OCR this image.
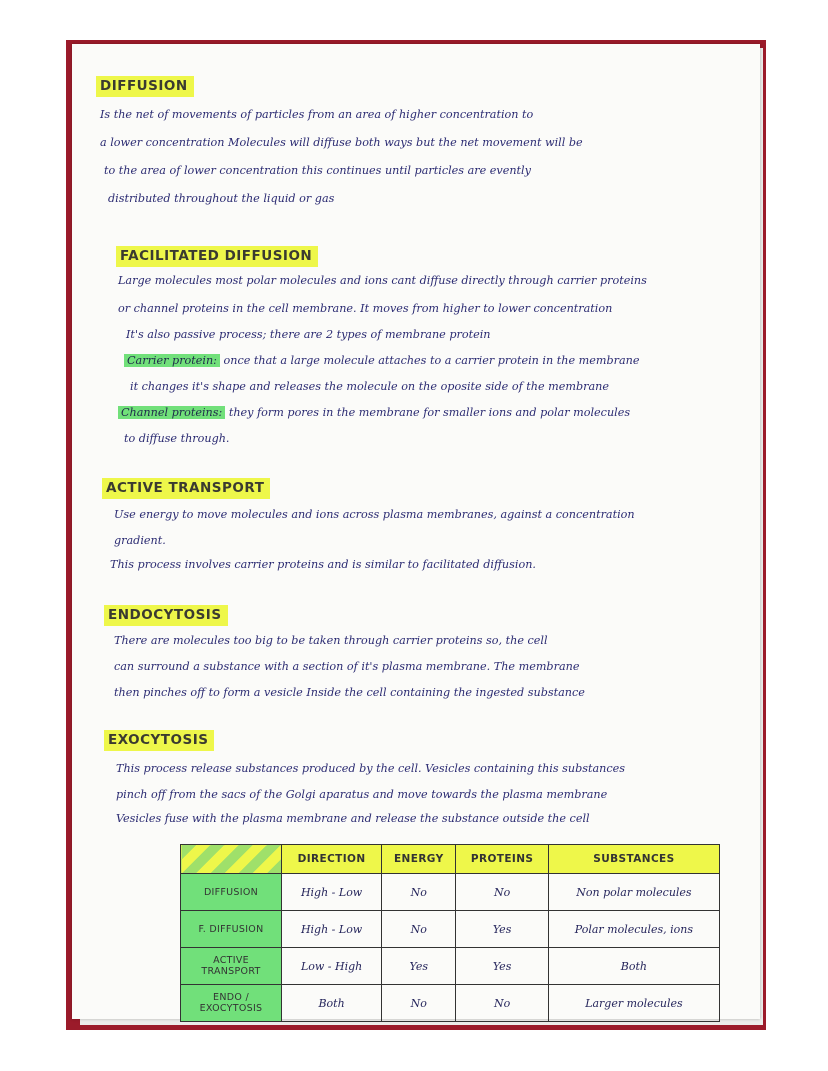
DIFFUSION
Is the net of movements of particles from an area of higher concentration to
a lower concentration Molecules will diffuse both ways but the net movement will be
to the area of lower concentration this continues until particles are evently
distributed throughout the liquid or gas
FACILITATED DIFFUSION
Large molecules most polar molecules and ions cant diffuse directly through carrier proteins
or channel proteins in the cell membrane. It moves from higher to lower concentration
It's also passive process; there are 2 types of membrane protein
Carrier protein: once that a large molecule attaches to a carrier protein in the membrane
it changes it's shape and releases the molecule on the oposite side of the membrane
Channel proteins: they form pores in the membrane for smaller ions and polar molecules
to diffuse through.
ACTIVE TRANSPORT
Use energy to move molecules and ions across plasma membranes, against a concentration
gradient.
This process involves carrier proteins and is similar to facilitated diffusion.
ENDOCYTOSIS
There are molecules too big to be taken through carrier proteins so, the cell
can surround a substance with a section of it's plasma membrane. The membrane
then pinches off to form a vesicle Inside the cell containing the ingested substance
EXOCYTOSIS
This process release substances produced by the cell. Vesicles containing this substances
pinch off from the sacs of the Golgi aparatus and move towards the plasma membrane
Vesicles fuse with the plasma membrane and release the substance outside the cell
	DIRECTION	ENERGY	PROTEINS	SUBSTANCES
DIFFUSION	High - Low	No	No	Non polar molecules
F. DIFFUSION	High - Low	No	Yes	Polar molecules, ions
ACTIVE TRANSPORT	Low - High	Yes	Yes	Both
ENDO / EXOCYTOSIS	Both	No	No	Larger molecules
